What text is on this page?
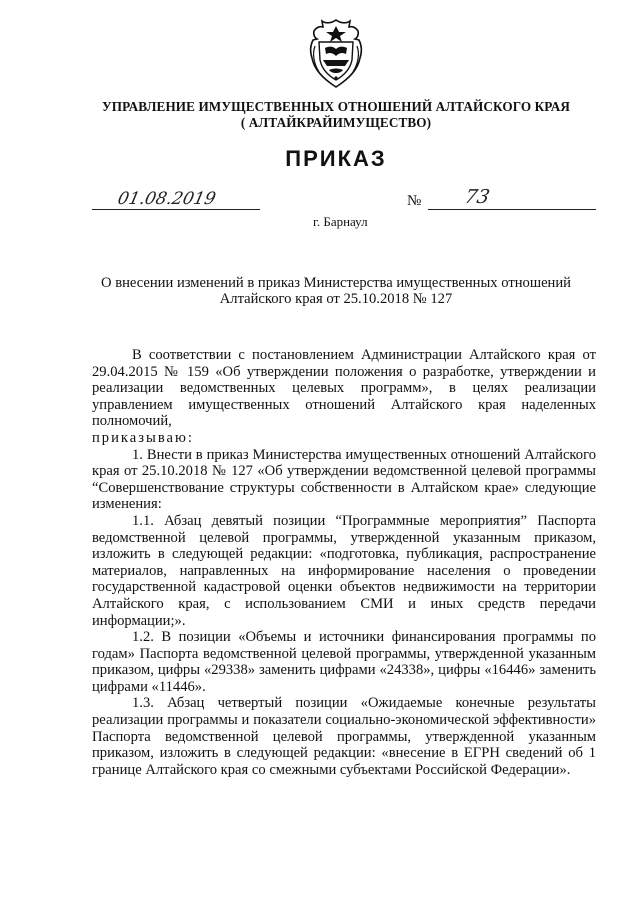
УПРАВЛЕНИЕ ИМУЩЕСТВЕННЫХ ОТНОШЕНИЙ АЛТАЙСКОГО КРАЯ
( АЛТАЙКРАЙИМУЩЕСТВО)
ПРИКАЗ
01.08.2019	№ 73
г. Барнаул
О внесении изменений в приказ Министерства имущественных отношений
Алтайского края от 25.10.2018 № 127

В соответствии с постановлением Администрации Алтайского края от 29.04.2015 № 159 «Об утверждении положения о разработке, утверждении и реализации ведомственных целевых программ», в целях реализации управлением имущественных отношений Алтайского края наделенных полномочий,

приказываю:

1. Внести в приказ Министерства имущественных отношений Алтайского края от 25.10.2018 № 127 «Об утверждении ведомственной целевой программы “Совершенствование структуры собственности в Алтайском крае» следующие изменения:

1.1. Абзац девятый позиции “Программные мероприятия” Паспорта ведомственной целевой программы, утвержденной указанным приказом, изложить в следующей редакции: «подготовка, публикация, распространение материалов, направленных на информирование населения о проведении государственной кадастровой оценки объектов недвижимости на территории Алтайского края, с использованием СМИ и иных средств передачи информации;».

1.2. В позиции «Объемы и источники финансирования программы по годам» Паспорта ведомственной целевой программы, утвержденной указанным приказом, цифры «29338» заменить цифрами «24338», цифры «16446» заменить цифрами «11446».

1.3. Абзац четвертый позиции «Ожидаемые конечные результаты реализации программы и показатели социально-экономической эффективности» Паспорта ведомственной целевой программы, утвержденной указанным приказом, изложить в следующей редакции: «внесение в ЕГРН сведений об 1 границе Алтайского края со смежными субъектами Российской Федерации».
